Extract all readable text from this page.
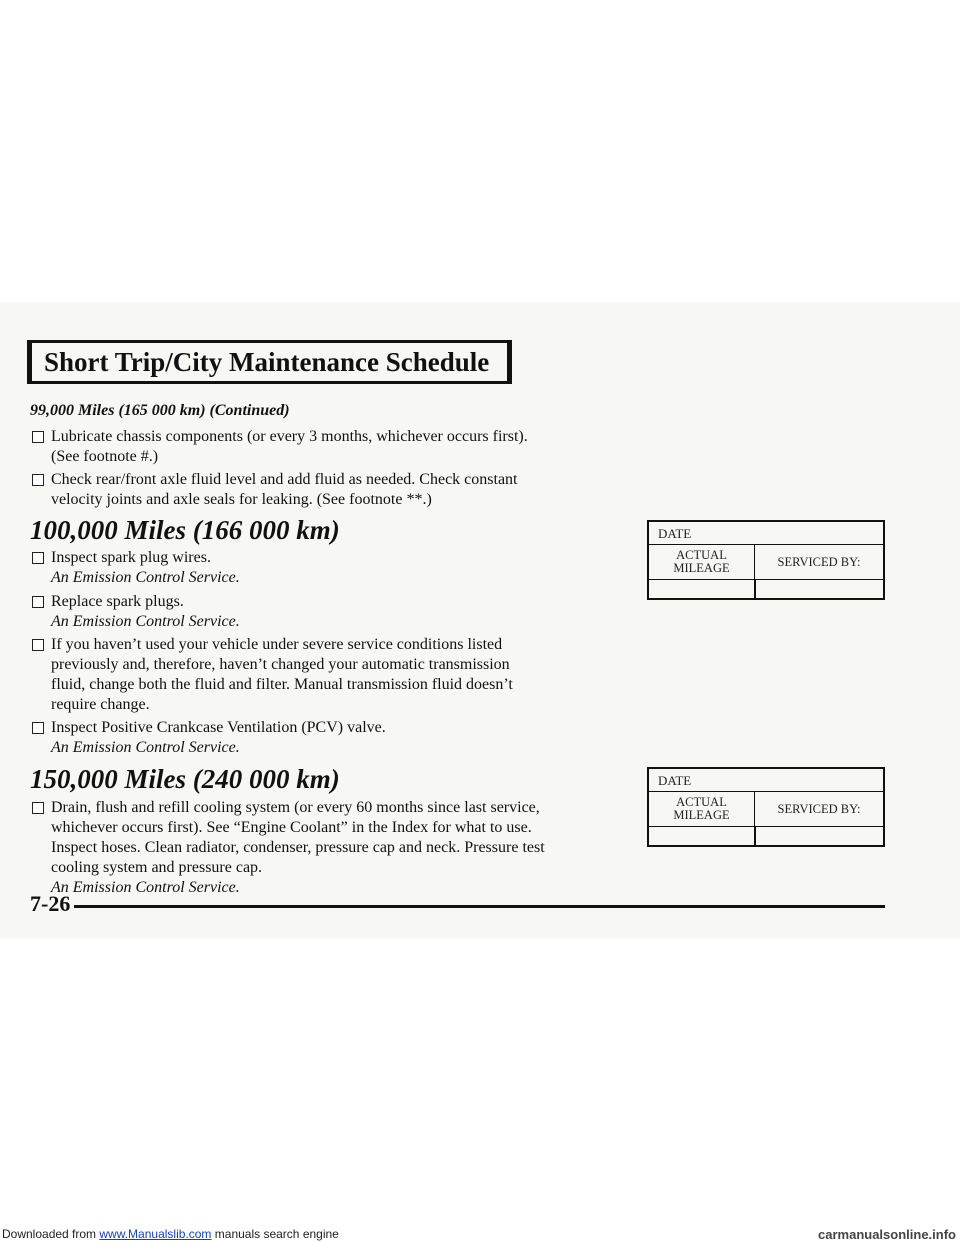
Short Trip/City Maintenance Schedule
99,000 Miles (165 000 km) (Continued)
Lubricate chassis components (or every 3 months, whichever occurs first).
(See footnote #.)
Check rear/front axle fluid level and add fluid as needed. Check constant
velocity joints and axle seals for leaking. (See footnote **.)
100,000 Miles (166 000 km)
Inspect spark plug wires.
An Emission Control Service.
Replace spark plugs.
An Emission Control Service.
If you haven’t used your vehicle under severe service conditions listed
previously and, therefore, haven’t changed your automatic transmission
fluid, change both the fluid and filter. Manual transmission fluid doesn’t
require change.
Inspect Positive Crankcase Ventilation (PCV) valve.
An Emission Control Service.
DATE
ACTUAL
MILEAGE	SERVICED BY:
150,000 Miles (240 000 km)
Drain, flush and refill cooling system (or every 60 months since last service,
whichever occurs first). See “Engine Coolant” in the Index for what to use.
Inspect hoses. Clean radiator, condenser, pressure cap and neck. Pressure test
cooling system and pressure cap.
An Emission Control Service.
DATE
ACTUAL
MILEAGE	SERVICED BY:
7-26
Downloaded from www.Manualslib.com manuals search engine	carmanualsonline.info
